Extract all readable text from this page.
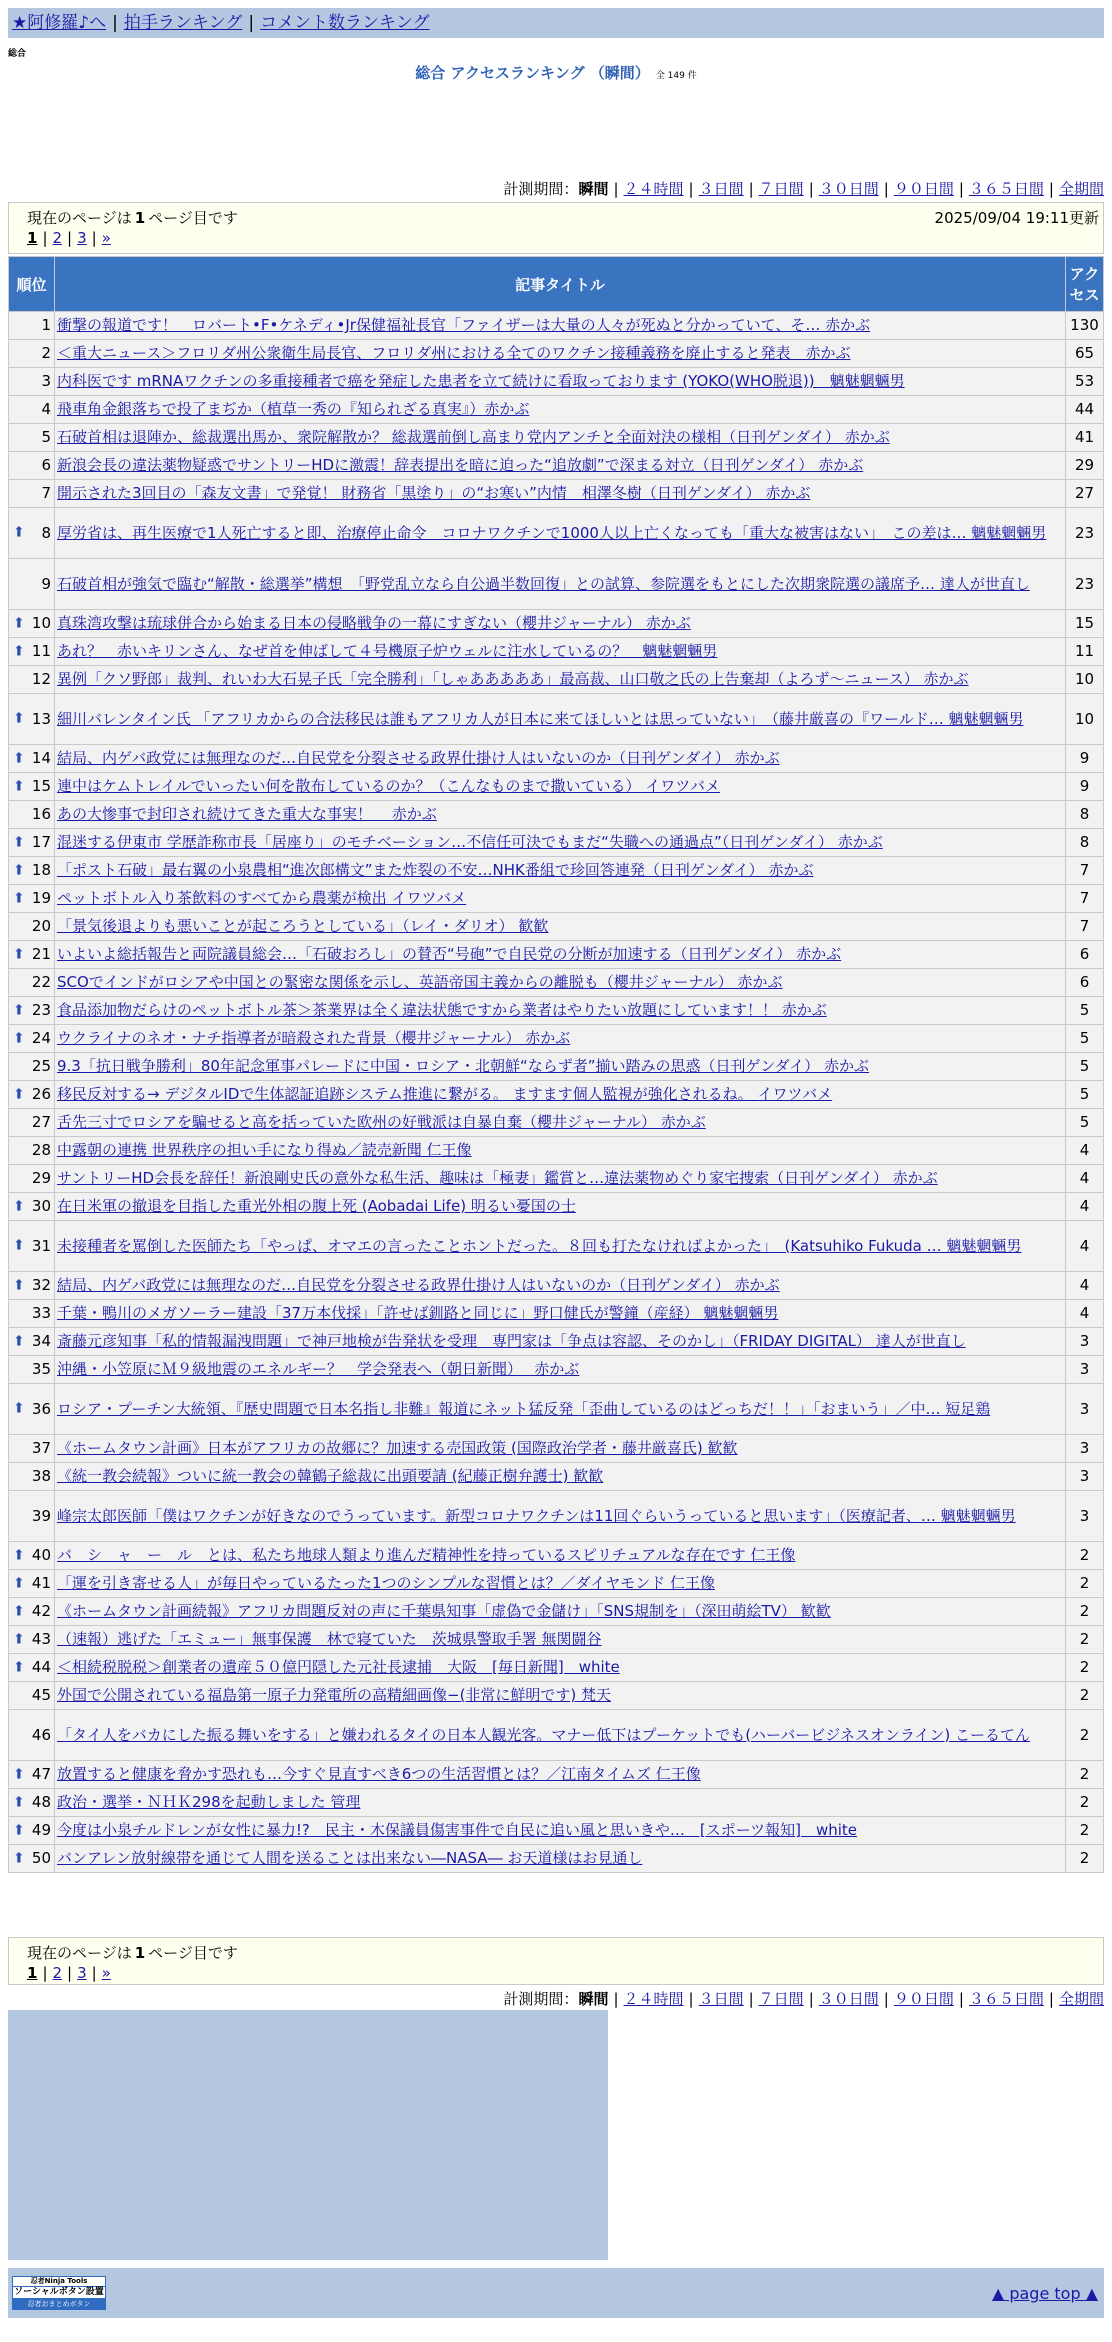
★阿修羅♪へ | 拍手ランキング | コメント数ランキング
総合
総合 アクセスランキング （瞬間） 全 149 件
計測期間：瞬間 | ２４時間 | ３日間 | ７日間 | ３０日間 | ９０日間 | ３６５日間 | 全期間
現在のページは 1 ページ目です	2025/09/04 19:11更新
1 | 2 | 3 | »
順位	記事タイトル	アクセス
1	衝撃の報道です！　ロバート•F•ケネディ•Jr保健福祉長官「ファイザーは大量の人々が死ぬと分かっていて、そ… 赤かぶ	130
2	＜重大ニュース＞フロリダ州公衆衛生局長官、フロリダ州における全てのワクチン接種義務を廃止すると発表　赤かぶ	65
3	内科医です mRNAワクチンの多重接種者で癌を発症した患者を立て続けに看取っております (YOKO(WHO脱退))　魑魅魍魎男	53
4	飛車角金銀落ちで投了まぢか（植草一秀の『知られざる真実』）赤かぶ	44
5	石破首相は退陣か、総裁選出馬か、衆院解散か？ 総裁選前倒し高まり党内アンチと全面対決の様相（日刊ゲンダイ） 赤かぶ	41
6	新浪会長の違法薬物疑惑でサントリーHDに激震！辞表提出を暗に迫った“追放劇”で深まる対立（日刊ゲンダイ） 赤かぶ	29
7	開示された3回目の「森友文書」で発覚！ 財務省「黒塗り」の“お寒い”内情　相澤冬樹（日刊ゲンダイ） 赤かぶ	27

⬆ 8	厚労省は、再生医療で1人死亡すると即、治療停止命令　コロナワクチンで1000人以上亡くなっても「重大な被害はない」　この差は… 魑魅魍魎男	23
9	石破首相が強気で臨む“解散・総選挙”構想　「野党乱立なら自公過半数回復」との試算、参院選をもとにした次期衆院選の議席予… 達人が世直し	23

⬆ 10	真珠湾攻撃は琉球併合から始まる日本の侵略戦争の一幕にすぎない（櫻井ジャーナル） 赤かぶ	15

⬆ 11	あれ？　赤いキリンさん、なぜ首を伸ばして４号機原子炉ウェルに注水しているの？　魑魅魍魎男	11
12	異例「クソ野郎」裁判、れいわ大石晃子氏「完全勝利」「しゃあああああ」最高裁、山口敬之氏の上告棄却（よろず〜ニュース） 赤かぶ	10

⬆ 13	細川バレンタイン氏 「アフリカからの合法移民は誰もアフリカ人が日本に来てほしいとは思っていない」　（藤井厳喜の『ワールド… 魑魅魍魎男	10

⬆ 14	結局、内ゲバ政党には無理なのだ…自民党を分裂させる政界仕掛け人はいないのか（日刊ゲンダイ） 赤かぶ	9

⬆ 15	連中はケムトレイルでいったい何を散布しているのか？（こんなものまで撒いている） イワツバメ	9
16	あの大惨事で封印され続けてきた重大な事実！　 赤かぶ	8

⬆ 17	混迷する伊東市 学歴詐称市長「居座り」のモチベーション…不信任可決でもまだ“失職への通過点”（日刊ゲンダイ） 赤かぶ	8

⬆ 18	「ポスト石破」最右翼の小泉農相“進次郎構文”また炸裂の不安…NHK番組で珍回答連発（日刊ゲンダイ） 赤かぶ	7

⬆ 19	ペットボトル入り茶飲料のすべてから農薬が検出 イワツバメ	7
20	「景気後退よりも悪いことが起ころうとしている」（レイ・ダリオ） 歓歓	7

⬆ 21	いよいよ総括報告と両院議員総会…「石破おろし」の賛否“号砲”で自民党の分断が加速する（日刊ゲンダイ） 赤かぶ	6
22	SCOでインドがロシアや中国との緊密な関係を示し、英語帝国主義からの離脱も（櫻井ジャーナル） 赤かぶ	6

⬆ 23	食品添加物だらけのペットボトル茶＞茶業界は全く違法状態ですから業者はやりたい放題にしています！！ 赤かぶ	5

⬆ 24	ウクライナのネオ・ナチ指導者が暗殺された背景（櫻井ジャーナル） 赤かぶ	5
25	9.3「抗日戦争勝利」80年記念軍事パレードに中国・ロシア・北朝鮮“ならず者”揃い踏みの思惑（日刊ゲンダイ） 赤かぶ	5

⬆ 26	移民反対する→ デジタルIDで生体認証追跡システム推進に繋がる。 ますます個人監視が強化されるね。 イワツバメ	5
27	舌先三寸でロシアを騙せると高を括っていた欧州の好戦派は自暴自棄（櫻井ジャーナル） 赤かぶ	5
28	中露朝の連携 世界秩序の担い手になり得ぬ／読売新聞 仁王像	4
29	サントリーHD会長を辞任！新浪剛史氏の意外な私生活、趣味は「極妻」鑑賞と…違法薬物めぐり家宅捜索（日刊ゲンダイ） 赤かぶ	4

⬆ 30	在日米軍の撤退を目指した重光外相の腹上死 (Aobadai Life) 明るい憂国の士	4

⬆ 31	未接種者を罵倒した医師たち「やっぱ、オマエの言ったことホントだった。８回も打たなければよかった」　(Katsuhiko Fukuda … 魑魅魍魎男	4

⬆ 32	結局、内ゲバ政党には無理なのだ…自民党を分裂させる政界仕掛け人はいないのか（日刊ゲンダイ） 赤かぶ	4
33	千葉・鴨川のメガソーラー建設「37万本伐採」「許せば釧路と同じに」野口健氏が警鐘（産経） 魑魅魍魎男	4

⬆ 34	斎藤元彦知事「私的情報漏洩問題」で神戸地検が告発状を受理　専門家は「争点は容認、そのかし」（FRIDAY DIGITAL） 達人が世直し	3
35	沖縄・小笠原にＭ９級地震のエネルギー？　学会発表へ（朝日新聞）　 赤かぶ	3

⬆ 36	ロシア・プーチン大統領、『歴史問題で日本名指し非難』報道にネット猛反発「歪曲しているのはどっちだ！！」「おまいう」／中… 短足鶏	3
37	《ホームタウン計画》日本がアフリカの故郷に？加速する売国政策 (国際政治学者・藤井厳喜氏) 歓歓	3
38	《統一教会続報》ついに統一教会の韓鶴子総裁に出頭要請 (紀藤正樹弁護士) 歓歓	3
39	峰宗太郎医師「僕はワクチンが好きなのでうっています。新型コロナワクチンは11回ぐらいうっていると思います」（医療記者、… 魑魅魍魎男	3

⬆ 40	バ　シ　ャ　ー　ル　とは、私たち地球人類より進んだ精神性を持っているスピリチュアルな存在です 仁王像	2

⬆ 41	「運を引き寄せる人」が毎日やっているたった1つのシンプルな習慣とは？／ダイヤモンド 仁王像	2

⬆ 42	《ホームタウン計画続報》アフリカ問題反対の声に千葉県知事「虚偽で金儲け」「SNS規制を」（深田萌絵TV） 歓歓	2

⬆ 43	（速報）逃げた「エミュー」無事保護　林で寝ていた　茨城県警取手署 無関闘谷	2

⬆ 44	＜相続税脱税＞創業者の遺産５０億円隠した元社長逮捕　大阪　[毎日新聞]　white	2
45	外国で公開されている福島第一原子力発電所の高精細画像−(非常に鮮明です) 梵天	2
46	「タイ人をバカにした振る舞いをする」と嫌われるタイの日本人観光客。マナー低下はプーケットでも(ハーバービジネスオンライン) こーるてん	2

⬆ 47	放置すると健康を脅かす恐れも…今すぐ見直すべき6つの生活習慣とは？／江南タイムズ 仁王像	2

⬆ 48	政治・選挙・ＮＨＫ298を起動しました 管理	2

⬆ 49	今度は小泉チルドレンが女性に暴力!?　民主・木保議員傷害事件で自民に追い風と思いきや…　[スポーツ報知]　white	2

⬆ 50	バンアレン放射線帯を通じて人間を送ることは出来ない―NASA― お天道様はお見通し	2
現在のページは 1 ページ目です
1 | 2 | 3 | »
計測期間：瞬間 | ２４時間 | ３日間 | ７日間 | ３０日間 | ９０日間 | ３６５日間 | 全期間
忍者Ninja Tools
ソーシャルボタン設置
忍者おまとめボタン
▲ page top ▲
